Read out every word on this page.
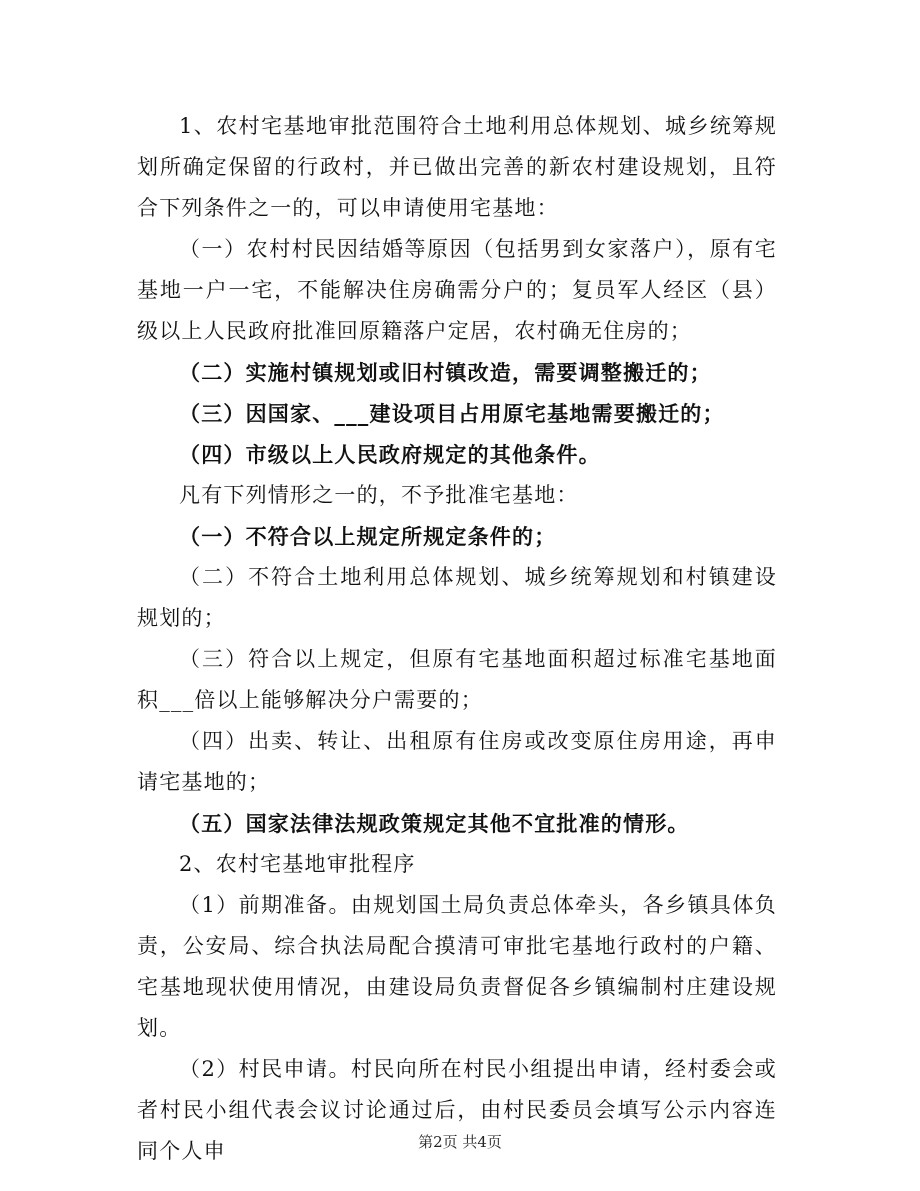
1、农村宅基地审批范围符合土地利用总体规划、城乡统筹规划所确定保留的行政村，并已做出完善的新农村建设规划，且符合下列条件之一的，可以申请使用宅基地：

（一）农村村民因结婚等原因（包括男到女家落户），原有宅基地一户一宅，不能解决住房确需分户的；复员军人经区（县）级以上人民政府批准回原籍落户定居，农村确无住房的；

（二）实施村镇规划或旧村镇改造，需要调整搬迁的；

（三）因国家、___建设项目占用原宅基地需要搬迁的；

（四）市级以上人民政府规定的其他条件。

凡有下列情形之一的，不予批准宅基地：

（一）不符合以上规定所规定条件的；

（二）不符合土地利用总体规划、城乡统筹规划和村镇建设规划的；

（三）符合以上规定，但原有宅基地面积超过标准宅基地面积___倍以上能够解决分户需要的；

（四）出卖、转让、出租原有住房或改变原住房用途，再申请宅基地的；

（五）国家法律法规政策规定其他不宜批准的情形。

2、农村宅基地审批程序

（1）前期准备。由规划国土局负责总体牵头，各乡镇具体负责，公安局、综合执法局配合摸清可审批宅基地行政村的户籍、宅基地现状使用情况，由建设局负责督促各乡镇编制村庄建设规划。

（2）村民申请。村民向所在村民小组提出申请，经村委会或者村民小组代表会议讨论通过后，由村民委员会填写公示内容连同个人申	第2页 共4页
